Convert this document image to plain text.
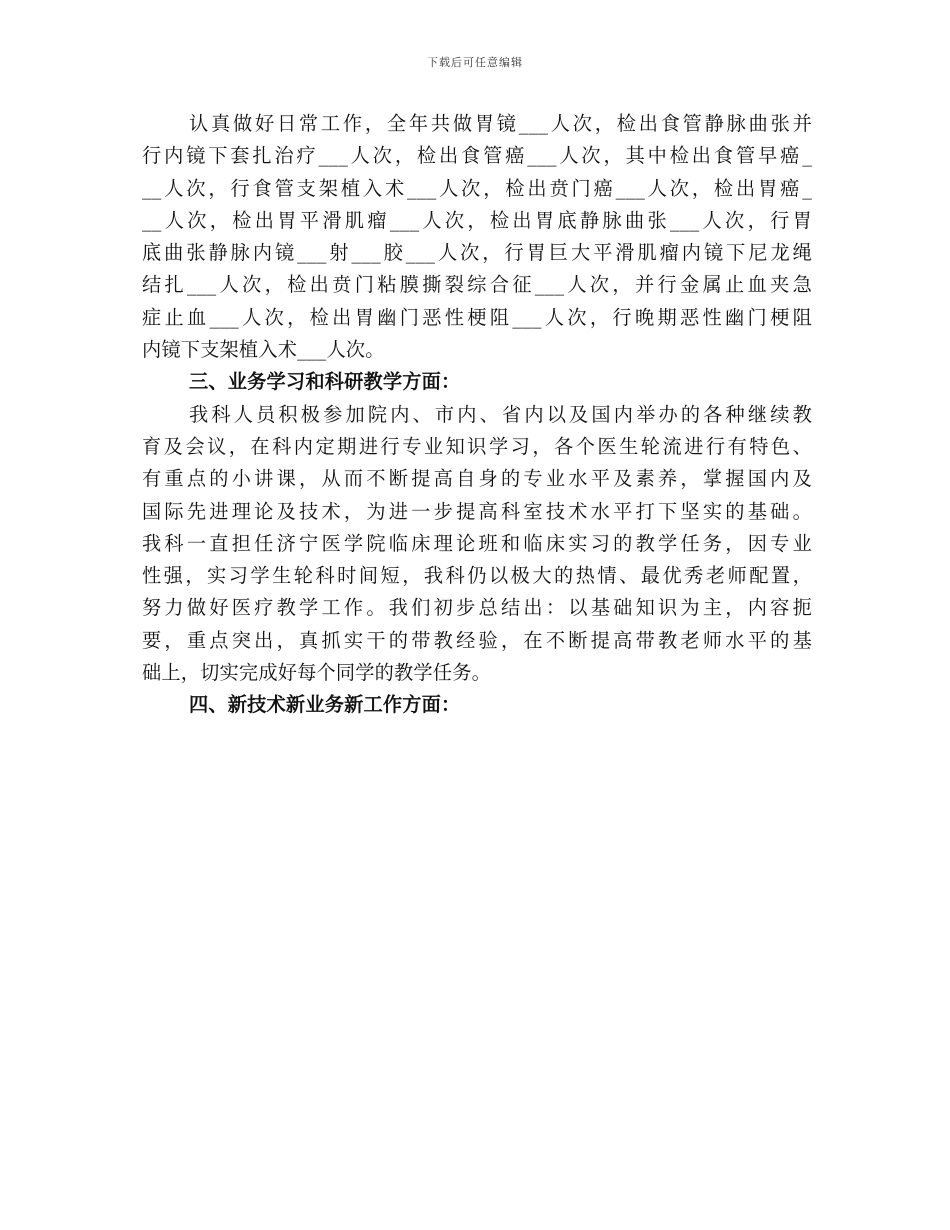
下载后可任意编辑
认真做好日常工作，全年共做胃镜___人次，检出食管静脉曲张并
行内镜下套扎治疗___人次，检出食管癌___人次，其中检出食管早癌_
__人次，行食管支架植入术___人次，检出贲门癌___人次，检出胃癌_
__人次，检出胃平滑肌瘤___人次，检出胃底静脉曲张___人次，行胃
底曲张静脉内镜___射___胶___人次，行胃巨大平滑肌瘤内镜下尼龙绳
结扎___人次，检出贲门粘膜撕裂综合征___人次，并行金属止血夹急
症止血___人次，检出胃幽门恶性梗阻___人次，行晚期恶性幽门梗阻
内镜下支架植入术___人次。
三、业务学习和科研教学方面：
我科人员积极参加院内、市内、省内以及国内举办的各种继续教
育及会议，在科内定期进行专业知识学习，各个医生轮流进行有特色、
有重点的小讲课，从而不断提高自身的专业水平及素养，掌握国内及
国际先进理论及技术，为进一步提高科室技术水平打下坚实的基础。
我科一直担任济宁医学院临床理论班和临床实习的教学任务，因专业
性强，实习学生轮科时间短，我科仍以极大的热情、最优秀老师配置，
努力做好医疗教学工作。我们初步总结出：以基础知识为主，内容扼
要，重点突出，真抓实干的带教经验，在不断提高带教老师水平的基
础上，切实完成好每个同学的教学任务。
四、新技术新业务新工作方面：
